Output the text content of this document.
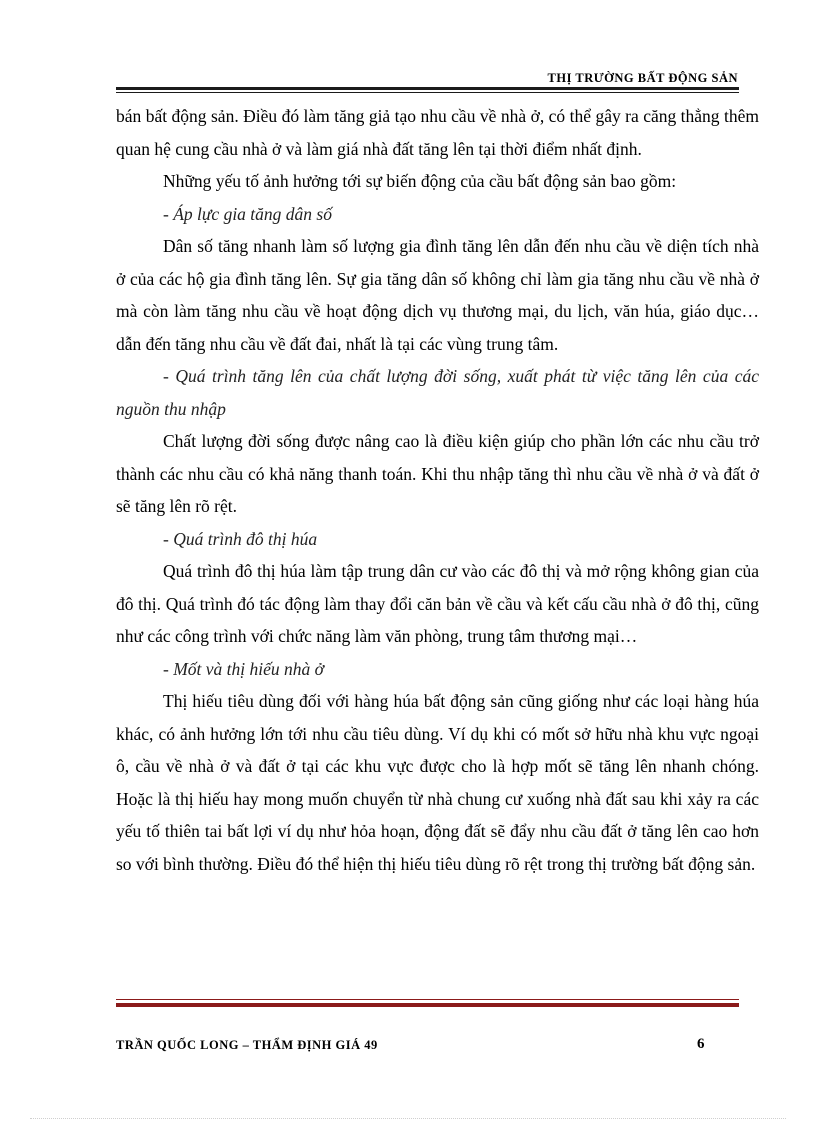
THỊ TRƯỜNG BẤT ĐỘNG SẢN

bán bất động sản. Điều đó làm tăng giả tạo nhu cầu về nhà ở, có thể gây ra căng thẳng thêm quan hệ cung cầu nhà ở và làm giá nhà đất tăng lên tại thời điểm nhất định.

Những yếu tố ảnh hưởng tới sự biến động của cầu bất động sản bao gồm:

- Áp lực gia tăng dân số

Dân số tăng nhanh làm số lượng gia đình tăng lên dẫn đến nhu cầu về diện tích nhà ở của các hộ gia đình tăng lên. Sự gia tăng dân số không chỉ làm gia tăng nhu cầu về nhà ở mà còn làm tăng nhu cầu về hoạt động dịch vụ thương mại, du lịch, văn húa, giáo dục… dẫn đến tăng nhu cầu về đất đai, nhất là tại các vùng trung tâm.

- Quá trình tăng lên của chất lượng đời sống, xuất phát từ việc tăng lên của các nguồn thu nhập

Chất lượng đời sống được nâng cao là điều kiện giúp cho phần lớn các nhu cầu trở thành các nhu cầu có khả năng thanh toán. Khi thu nhập tăng thì nhu cầu về nhà ở và đất ở sẽ tăng lên rõ rệt.

- Quá trình đô thị húa

Quá trình đô thị húa làm tập trung dân cư vào các đô thị và mở rộng không gian của đô thị. Quá trình đó tác động làm thay đổi căn bản về cầu và kết cấu cầu nhà ở đô thị, cũng như các công trình với chức năng làm văn phòng, trung tâm thương mại…

- Mốt và thị hiếu nhà ở

Thị hiếu tiêu dùng đối với hàng húa bất động sản cũng giống như các loại hàng húa khác, có ảnh hưởng lớn tới nhu cầu tiêu dùng. Ví dụ khi có mốt sở hữu nhà khu vực ngoại ô, cầu về nhà ở và đất ở tại các khu vực được cho là hợp mốt sẽ tăng lên nhanh chóng. Hoặc là thị hiếu hay mong muốn chuyển từ nhà chung cư xuống nhà đất sau khi xảy ra các yếu tố thiên tai bất lợi ví dụ như hỏa hoạn, động đất sẽ đẩy nhu cầu đất ở tăng lên cao hơn so với bình thường. Điều đó thể hiện thị hiếu tiêu dùng rõ rệt trong thị trường bất động sản.

TRẦN QUỐC LONG – THẨM ĐỊNH GIÁ 49	6
